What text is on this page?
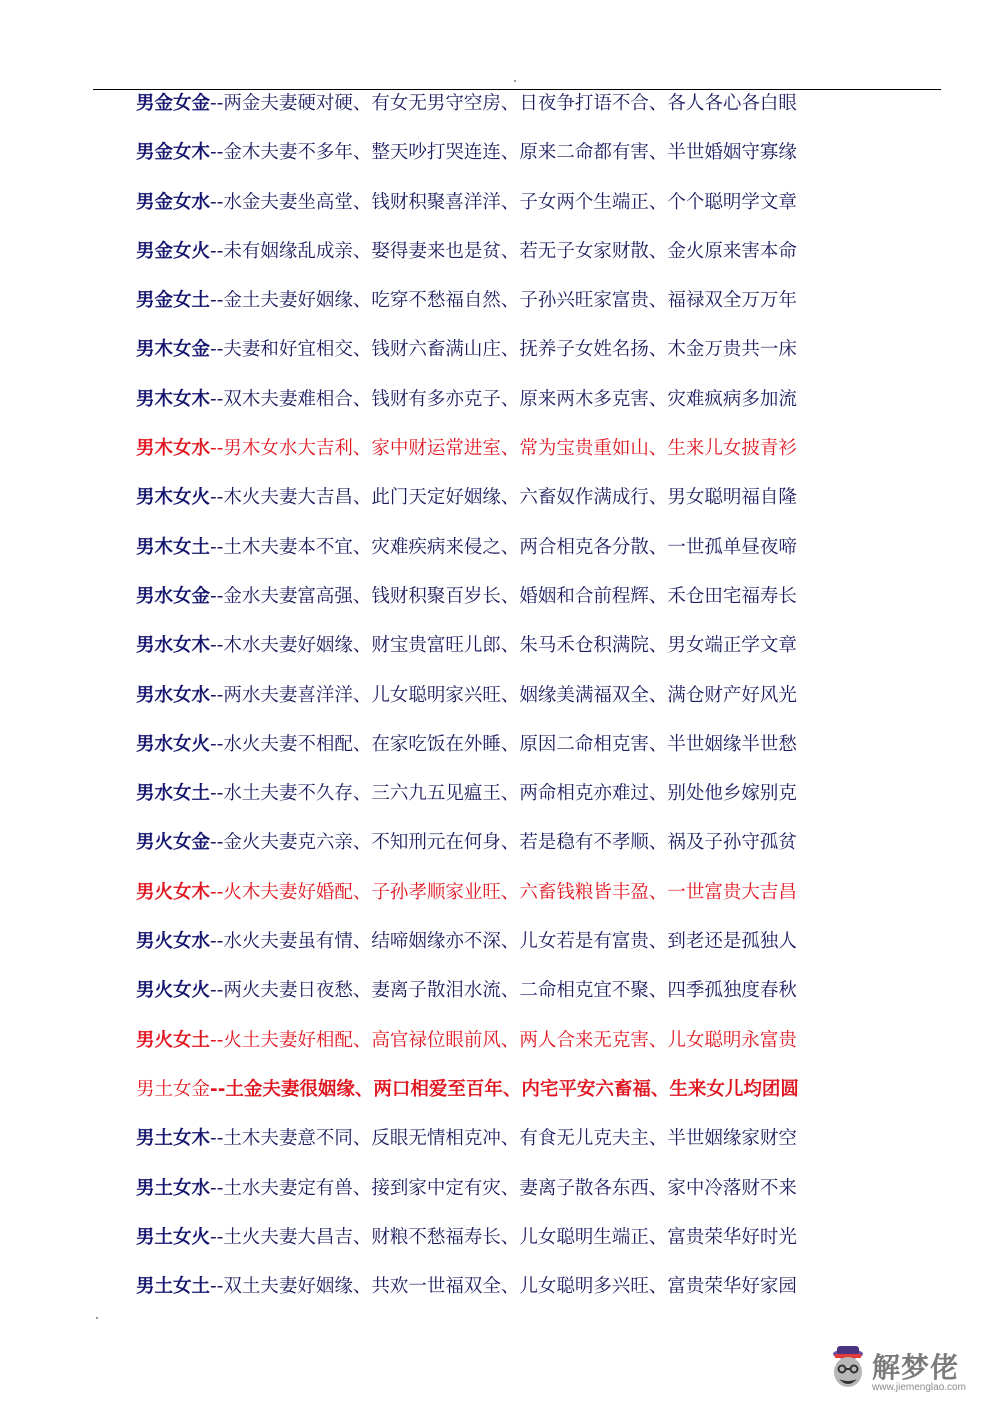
男金女金--两金夫妻硬对硬、有女无男守空房、日夜争打语不合、各人各心各白眼
男金女木--金木夫妻不多年、整天吵打哭连连、原来二命都有害、半世婚姻守寡缘
男金女水--水金夫妻坐高堂、钱财积聚喜洋洋、子女两个生端正、个个聪明学文章
男金女火--未有姻缘乱成亲、娶得妻来也是贫、若无子女家财散、金火原来害本命
男金女土--金土夫妻好姻缘、吃穿不愁福自然、子孙兴旺家富贵、福禄双全万万年
男木女金--夫妻和好宜相交、钱财六畜满山庄、抚养子女姓名扬、木金万贵共一床
男木女木--双木夫妻难相合、钱财有多亦克子、原来两木多克害、灾难疯病多加流
男木女水--男木女水大吉利、家中财运常进室、常为宝贵重如山、生来儿女披青衫
男木女火--木火夫妻大吉昌、此门天定好姻缘、六畜奴作满成行、男女聪明福自隆
男木女土--土木夫妻本不宜、灾难疾病来侵之、两合相克各分散、一世孤单昼夜啼
男水女金--金水夫妻富高强、钱财积聚百岁长、婚姻和合前程辉、禾仓田宅福寿长
男水女木--木水夫妻好姻缘、财宝贵富旺儿郎、朱马禾仓积满院、男女端正学文章
男水女水--两水夫妻喜洋洋、儿女聪明家兴旺、姻缘美满福双全、满仓财产好风光
男水女火--水火夫妻不相配、在家吃饭在外睡、原因二命相克害、半世姻缘半世愁
男水女土--水土夫妻不久存、三六九五见瘟王、两命相克亦难过、别处他乡嫁别克
男火女金--金火夫妻克六亲、不知刑元在何身、若是稳有不孝顺、祸及子孙守孤贫
男火女木--火木夫妻好婚配、子孙孝顺家业旺、六畜钱粮皆丰盈、一世富贵大吉昌
男火女水--水火夫妻虽有情、结啼姻缘亦不深、儿女若是有富贵、到老还是孤独人
男火女火--两火夫妻日夜愁、妻离子散泪水流、二命相克宜不聚、四季孤独度春秋
男火女土--火土夫妻好相配、高官禄位眼前风、两人合来无克害、儿女聪明永富贵
男土女金--土金夫妻很姻缘、两口相爱至百年、内宅平安六畜福、生来女儿均团圆
男土女木--土木夫妻意不同、反眼无情相克冲、有食无儿克夫主、半世姻缘家财空
男土女水--土水夫妻定有兽、接到家中定有灾、妻离子散各东西、家中冷落财不来
男土女火--土火夫妻大昌吉、财粮不愁福寿长、儿女聪明生端正、富贵荣华好时光
男土女土--双土夫妻好姻缘、共欢一世福双全、儿女聪明多兴旺、富贵荣华好家园
解梦佬
www.jiemenglao.com
